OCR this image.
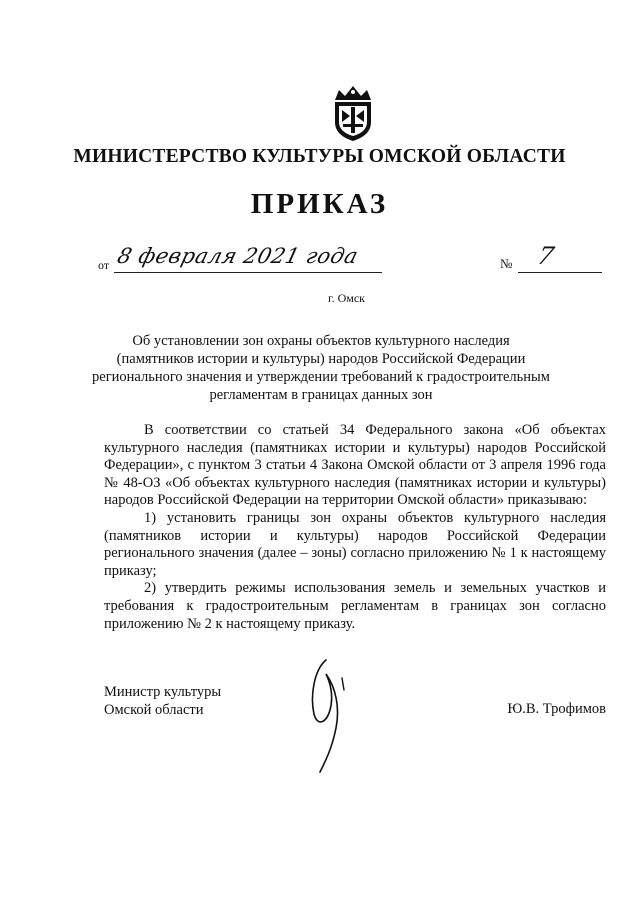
МИНИСТЕРСТВО КУЛЬТУРЫ ОМСКОЙ ОБЛАСТИ
ПРИКАЗ
от 8 февраля 2021 года	№ 7
г. Омск
Об установлении зон охраны объектов культурного наследия (памятников истории и культуры) народов Российской Федерации регионального значения и утверждении требований к градостроительным регламентам в границах данных зон

В соответствии со статьей 34 Федерального закона «Об объектах культурного наследия (памятниках истории и культуры) народов Российской Федерации», с пунктом 3 статьи 4 Закона Омской области от 3 апреля 1996 года № 48-ОЗ «Об объектах культурного наследия (памятниках истории и культуры) народов Российской Федерации на территории Омской области» приказываю:

1) установить границы зон охраны объектов культурного наследия (памятников истории и культуры) народов Российской Федерации регионального значения (далее – зоны) согласно приложению № 1 к настоящему приказу;

2) утвердить режимы использования земель и земельных участков и требования к градостроительным регламентам в границах зон согласно приложению № 2 к настоящему приказу.

Министр культуры
Омской области	Ю.В. Трофимов
